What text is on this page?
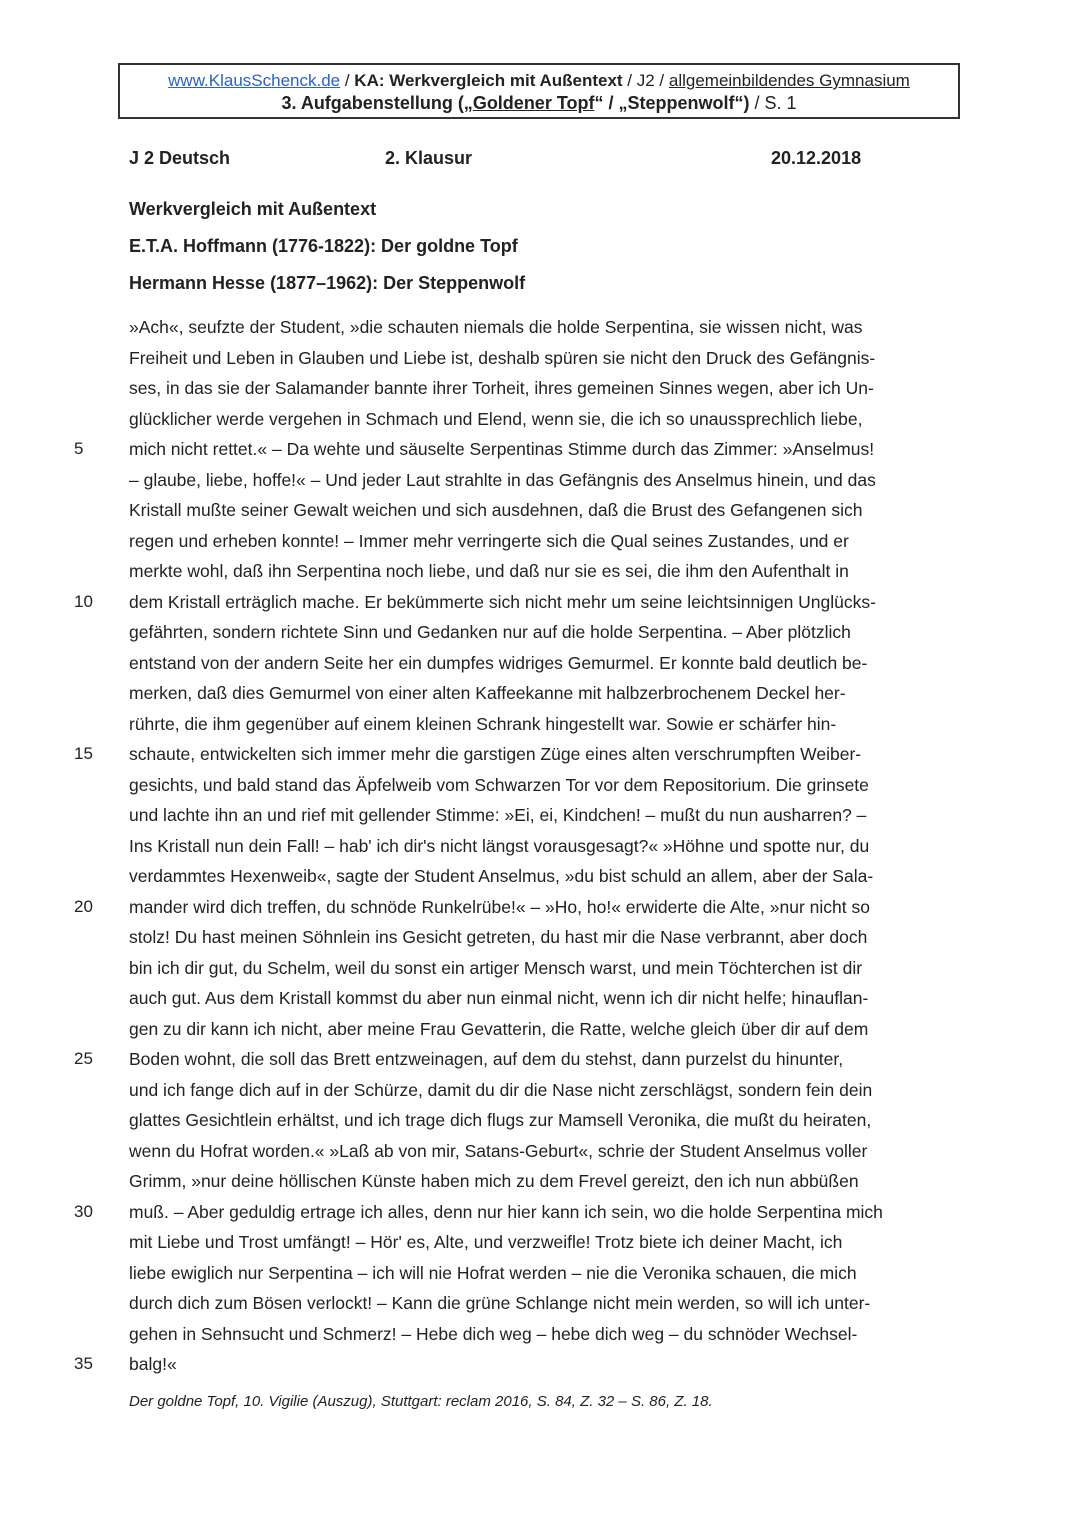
www.KlausSchenck.de / KA: Werkvergleich mit Außentext / J2 / allgemeinbildendes Gymnasium
3. Aufgabenstellung („Goldener Topf“ / „Steppenwolf“) / S. 1
J 2 Deutsch	2. Klausur	20.12.2018
Werkvergleich mit Außentext
E.T.A. Hoffmann (1776-1822): Der goldne Topf
Hermann Hesse (1877–1962): Der Steppenwolf
5
10
15
20
25
30
35
»Ach«, seufzte der Student, »die schauten niemals die holde Serpentina, sie wissen nicht, was
Freiheit und Leben in Glauben und Liebe ist, deshalb spüren sie nicht den Druck des Gefängnis-
ses, in das sie der Salamander bannte ihrer Torheit, ihres gemeinen Sinnes wegen, aber ich Un-
glücklicher werde vergehen in Schmach und Elend, wenn sie, die ich so unaussprechlich liebe,
mich nicht rettet.« – Da wehte und säuselte Serpentinas Stimme durch das Zimmer: »Anselmus!
– glaube, liebe, hoffe!« – Und jeder Laut strahlte in das Gefängnis des Anselmus hinein, und das
Kristall mußte seiner Gewalt weichen und sich ausdehnen, daß die Brust des Gefangenen sich
regen und erheben konnte! – Immer mehr verringerte sich die Qual seines Zustandes, und er
merkte wohl, daß ihn Serpentina noch liebe, und daß nur sie es sei, die ihm den Aufenthalt in
dem Kristall erträglich mache. Er bekümmerte sich nicht mehr um seine leichtsinnigen Unglücks-
gefährten, sondern richtete Sinn und Gedanken nur auf die holde Serpentina. – Aber plötzlich
entstand von der andern Seite her ein dumpfes widriges Gemurmel. Er konnte bald deutlich be-
merken, daß dies Gemurmel von einer alten Kaffeekanne mit halbzerbrochenem Deckel her-
rührte, die ihm gegenüber auf einem kleinen Schrank hingestellt war. Sowie er schärfer hin-
schaute, entwickelten sich immer mehr die garstigen Züge eines alten verschrumpften Weiber-
gesichts, und bald stand das Äpfelweib vom Schwarzen Tor vor dem Repositorium. Die grinsete
und lachte ihn an und rief mit gellender Stimme: »Ei, ei, Kindchen! – mußt du nun ausharren? –
Ins Kristall nun dein Fall! – hab' ich dir's nicht längst vorausgesagt?« »Höhne und spotte nur, du
verdammtes Hexenweib«, sagte der Student Anselmus, »du bist schuld an allem, aber der Sala-
mander wird dich treffen, du schnöde Runkelrübe!« – »Ho, ho!« erwiderte die Alte, »nur nicht so
stolz! Du hast meinen Söhnlein ins Gesicht getreten, du hast mir die Nase verbrannt, aber doch
bin ich dir gut, du Schelm, weil du sonst ein artiger Mensch warst, und mein Töchterchen ist dir
auch gut. Aus dem Kristall kommst du aber nun einmal nicht, wenn ich dir nicht helfe; hinauflan-
gen zu dir kann ich nicht, aber meine Frau Gevatterin, die Ratte, welche gleich über dir auf dem
Boden wohnt, die soll das Brett entzweinagen, auf dem du stehst, dann purzelst du hinunter,
und ich fange dich auf in der Schürze, damit du dir die Nase nicht zerschlägst, sondern fein dein
glattes Gesichtlein erhältst, und ich trage dich flugs zur Mamsell Veronika, die mußt du heiraten,
wenn du Hofrat worden.« »Laß ab von mir, Satans-Geburt«, schrie der Student Anselmus voller
Grimm, »nur deine höllischen Künste haben mich zu dem Frevel gereizt, den ich nun abbüßen
muß. – Aber geduldig ertrage ich alles, denn nur hier kann ich sein, wo die holde Serpentina mich
mit Liebe und Trost umfängt! – Hör' es, Alte, und verzweifle! Trotz biete ich deiner Macht, ich
liebe ewiglich nur Serpentina – ich will nie Hofrat werden – nie die Veronika schauen, die mich
durch dich zum Bösen verlockt! – Kann die grüne Schlange nicht mein werden, so will ich unter-
gehen in Sehnsucht und Schmerz! – Hebe dich weg – hebe dich weg – du schnöder Wechsel-
balg!«
Der goldne Topf, 10. Vigilie (Auszug), Stuttgart: reclam 2016, S. 84, Z. 32 – S. 86, Z. 18.
